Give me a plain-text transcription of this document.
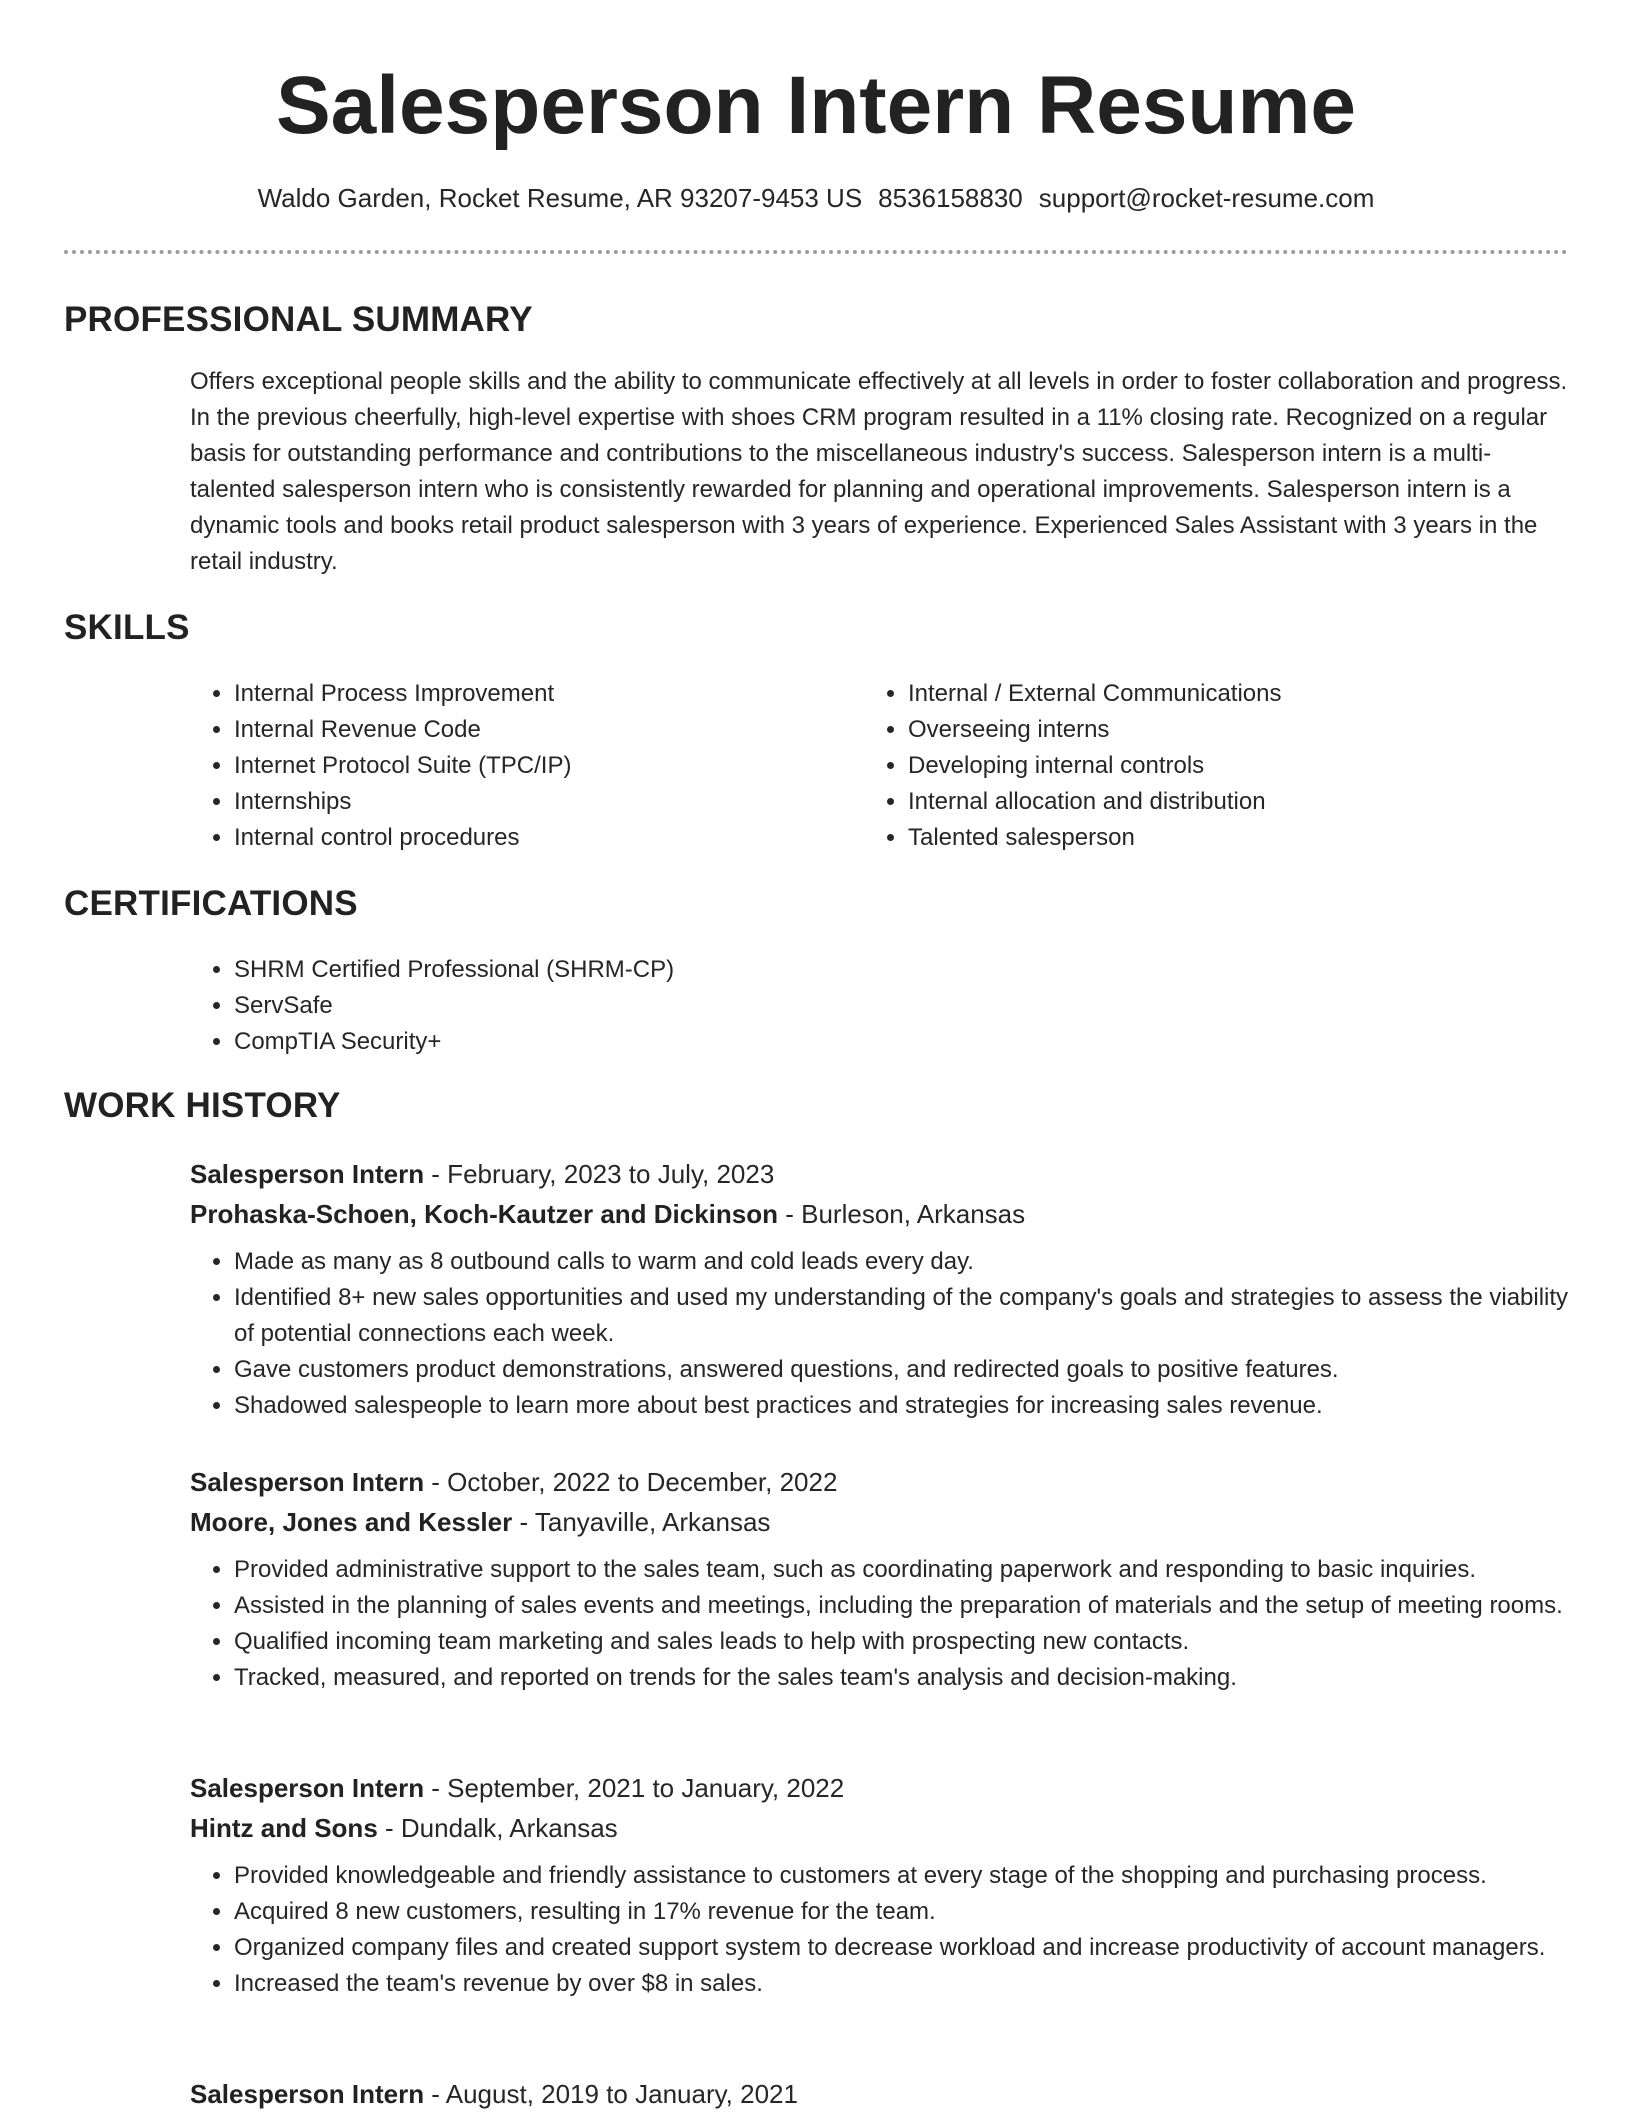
Salesperson Intern Resume
Waldo Garden, Rocket Resume, AR 93207-9453 US 8536158830 support@rocket-resume.com
PROFESSIONAL SUMMARY

Offers exceptional people skills and the ability to communicate effectively at all levels in order to foster collaboration and progress. In the previous cheerfully, high-level expertise with shoes CRM program resulted in a 11% closing rate. Recognized on a regular basis for outstanding performance and contributions to the miscellaneous industry's success. Salesperson intern is a multi-talented salesperson intern who is consistently rewarded for planning and operational improvements. Salesperson intern is a dynamic tools and books retail product salesperson with 3 years of experience. Experienced Sales Assistant with 3 years in the retail industry.

SKILLS
• Internal Process Improvement
• Internal Revenue Code
• Internet Protocol Suite (TPC/IP)
• Internships
• Internal control procedures
• Internal / External Communications
• Overseeing interns
• Developing internal controls
• Internal allocation and distribution
• Talented salesperson
CERTIFICATIONS
• SHRM Certified Professional (SHRM-CP)
• ServSafe
• CompTIA Security+
WORK HISTORY
Salesperson Intern - February, 2023 to July, 2023
Prohaska-Schoen, Koch-Kautzer and Dickinson - Burleson, Arkansas
• Made as many as 8 outbound calls to warm and cold leads every day.
• Identified 8+ new sales opportunities and used my understanding of the company's goals and strategies to assess the viability of potential connections each week.
• Gave customers product demonstrations, answered questions, and redirected goals to positive features.
• Shadowed salespeople to learn more about best practices and strategies for increasing sales revenue.
Salesperson Intern - October, 2022 to December, 2022
Moore, Jones and Kessler - Tanyaville, Arkansas
• Provided administrative support to the sales team, such as coordinating paperwork and responding to basic inquiries.
• Assisted in the planning of sales events and meetings, including the preparation of materials and the setup of meeting rooms.
• Qualified incoming team marketing and sales leads to help with prospecting new contacts.
• Tracked, measured, and reported on trends for the sales team's analysis and decision-making.
Salesperson Intern - September, 2021 to January, 2022
Hintz and Sons - Dundalk, Arkansas
• Provided knowledgeable and friendly assistance to customers at every stage of the shopping and purchasing process.
• Acquired 8 new customers, resulting in 17% revenue for the team.
• Organized company files and created support system to decrease workload and increase productivity of account managers.
• Increased the team's revenue by over $8 in sales.
Salesperson Intern - August, 2019 to January, 2021
